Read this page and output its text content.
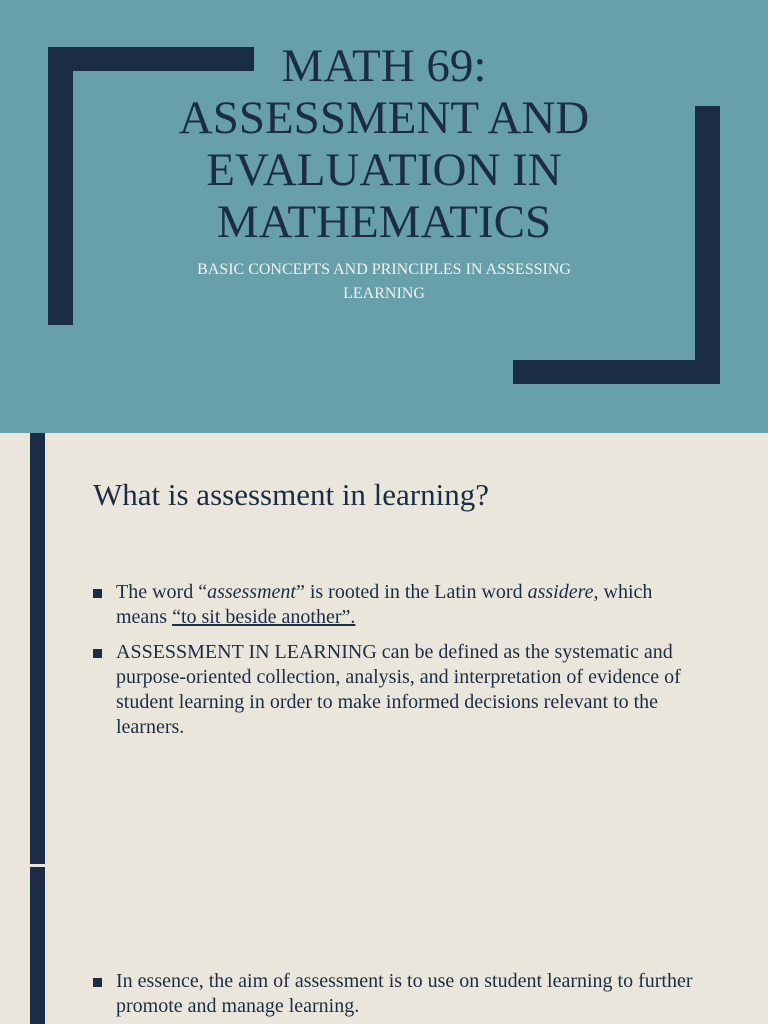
MATH 69: ASSESSMENT AND EVALUATION IN MATHEMATICS

BASIC CONCEPTS AND PRINCIPLES IN ASSESSING LEARNING

What is assessment in learning?
The word “assessment” is rooted in the Latin word assidere, which means “to sit beside another”.
ASSESSMENT IN LEARNING can be defined as the systematic and purpose-oriented collection, analysis, and interpretation of evidence of student learning in order to make informed decisions relevant to the learners.
In essence, the aim of assessment is to use on student learning to further promote and manage learning.
